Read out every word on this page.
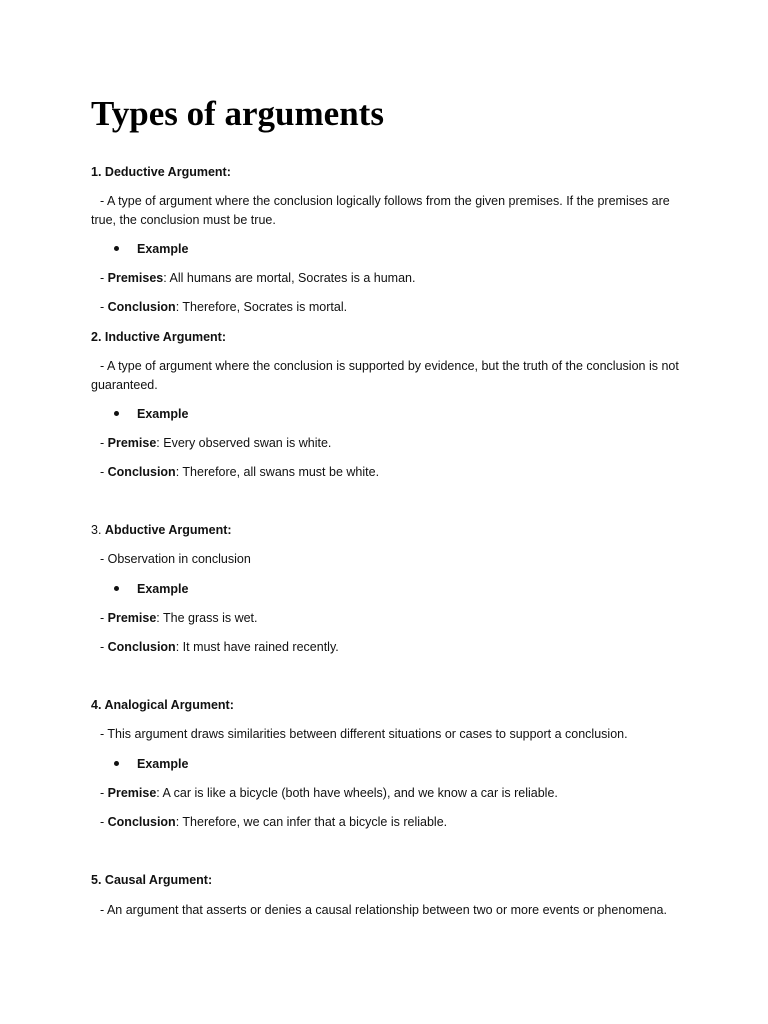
Types of arguments
1. Deductive Argument:
- A type of argument where the conclusion logically follows from the given premises. If the premises are true, the conclusion must be true.
Example
- Premises: All humans are mortal, Socrates is a human.
- Conclusion: Therefore, Socrates is mortal.
2. Inductive Argument:
- A type of argument where the conclusion is supported by evidence, but the truth of the conclusion is not guaranteed.
Example
- Premise: Every observed swan is white.
- Conclusion: Therefore, all swans must be white.
3. Abductive Argument:
- Observation in conclusion
Example
- Premise: The grass is wet.
- Conclusion: It must have rained recently.
4. Analogical Argument:
- This argument draws similarities between different situations or cases to support a conclusion.
Example
- Premise: A car is like a bicycle (both have wheels), and we know a car is reliable.
- Conclusion: Therefore, we can infer that a bicycle is reliable.
5. Causal Argument:
- An argument that asserts or denies a causal relationship between two or more events or phenomena.
